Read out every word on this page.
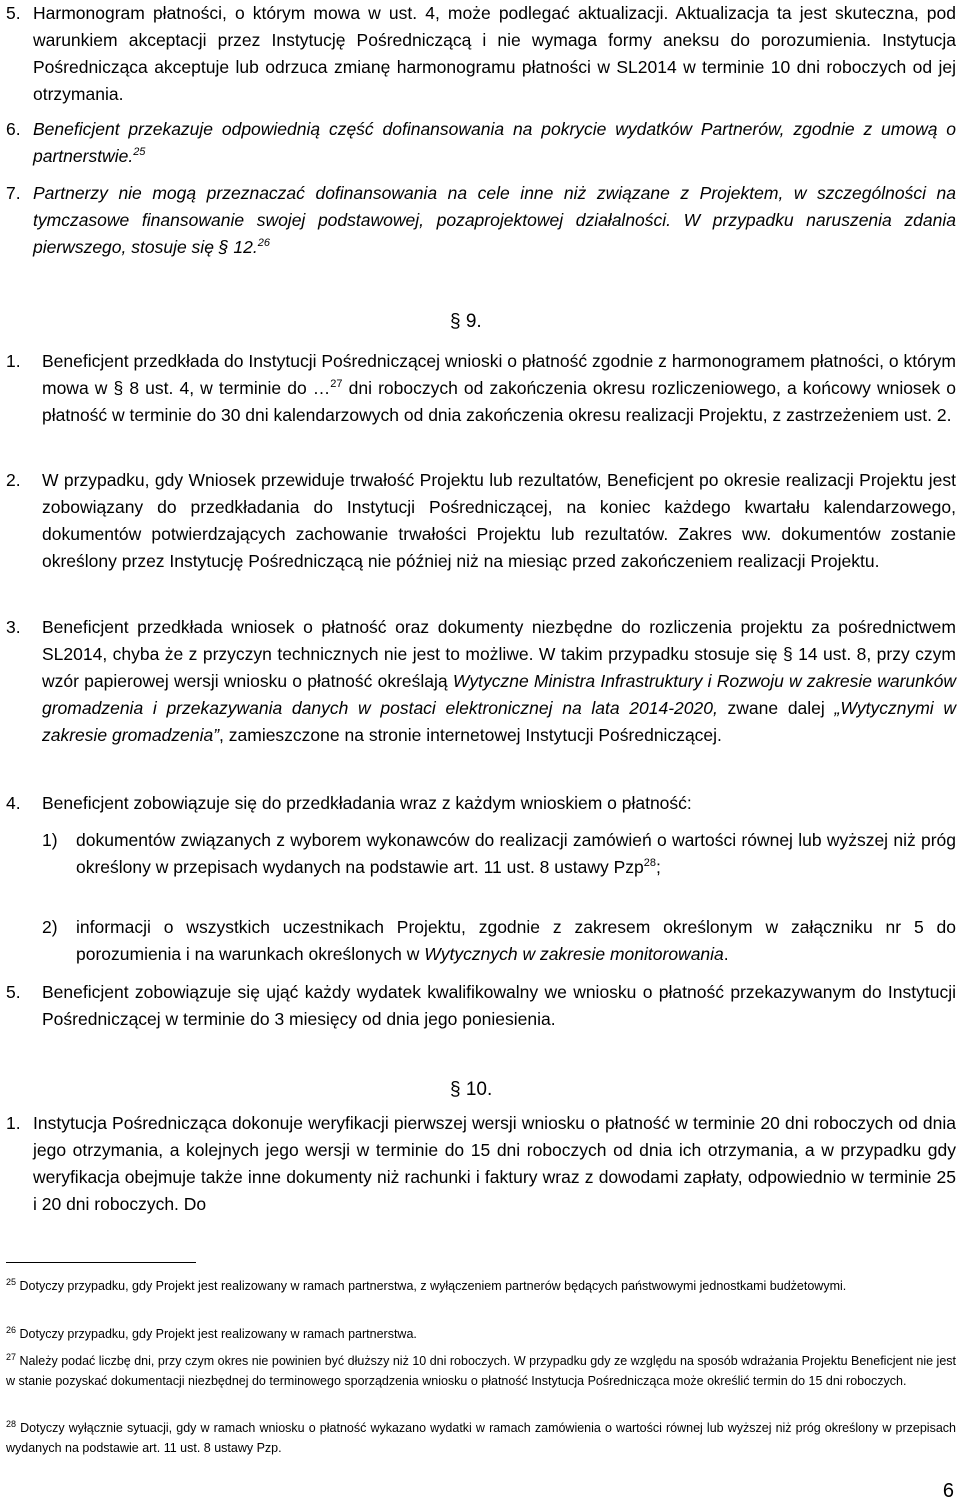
5. Harmonogram płatności, o którym mowa w ust. 4, może podlegać aktualizacji. Aktualizacja ta jest skuteczna, pod warunkiem akceptacji przez Instytucję Pośredniczącą i nie wymaga formy aneksu do porozumienia. Instytucja Pośrednicząca akceptuje lub odrzuca zmianę harmonogramu płatności w SL2014 w terminie 10 dni roboczych od jej otrzymania.
6. Beneficjent przekazuje odpowiednią część dofinansowania na pokrycie wydatków Partnerów, zgodnie z umową o partnerstwie.$^{25}$
7. Partnerzy nie mogą przeznaczać dofinansowania na cele inne niż związane z Projektem, w szczególności na tymczasowe finansowanie swojej podstawowej, pozaprojektowej działalności. W przypadku naruszenia zdania pierwszego, stosuje się § 12.26
§ 9.
1. Beneficjent przedkłada do Instytucji Pośredniczącej wnioski o płatność zgodnie z harmonogramem płatności, o którym mowa w § 8 ust. 4, w terminie do …$^{27}$ dni roboczych od zakończenia okresu rozliczeniowego, a końcowy wniosek o płatność w terminie do 30 dni kalendarzowych od dnia zakończenia okresu realizacji Projektu, z zastrzeżeniem ust. 2.
2. W przypadku, gdy Wniosek przewiduje trwałość Projektu lub rezultatów, Beneficjent po okresie realizacji Projektu jest zobowiązany do przedkładania do Instytucji Pośredniczącej, na koniec każdego kwartału kalendarzowego, dokumentów potwierdzających zachowanie trwałości Projektu lub rezultatów. Zakres ww. dokumentów zostanie określony przez Instytucję Pośredniczącą nie później niż na miesiąc przed zakończeniem realizacji Projektu.
3. Beneficjent przedkłada wniosek o płatność oraz dokumenty niezbędne do rozliczenia projektu za pośrednictwem SL2014, chyba że z przyczyn technicznych nie jest to możliwe. W takim przypadku stosuje się § 14 ust. 8, przy czym wzór papierowej wersji wniosku o płatność określają Wytyczne Ministra Infrastruktury i Rozwoju w zakresie warunków gromadzenia i przekazywania danych w postaci elektronicznej na lata 2014-2020, zwane dalej „Wytycznymi w zakresie gromadzenia”, zamieszczone na stronie internetowej Instytucji Pośredniczącej.
4. Beneficjent zobowiązuje się do przedkładania wraz z każdym wnioskiem o płatność:
1) dokumentów związanych z wyborem wykonawców do realizacji zamówień o wartości równej lub wyższej niż próg określony w przepisach wydanych na podstawie art. 11 ust. 8 ustawy Pzp$^{28}$;
2) informacji o wszystkich uczestnikach Projektu, zgodnie z zakresem określonym w załączniku nr 5 do porozumienia i na warunkach określonych w Wytycznych w zakresie monitorowania.
5. Beneficjent zobowiązuje się ująć każdy wydatek kwalifikowalny we wniosku o płatność przekazywanym do Instytucji Pośredniczącej w terminie do 3 miesięcy od dnia jego poniesienia.
§ 10.
1. Instytucja Pośrednicząca dokonuje weryfikacji pierwszej wersji wniosku o płatność w terminie 20 dni roboczych od dnia jego otrzymania, a kolejnych jego wersji w terminie do 15 dni roboczych od dnia ich otrzymania, a w przypadku gdy weryfikacja obejmuje także inne dokumenty niż rachunki i faktury wraz z dowodami zapłaty, odpowiednio w terminie 25 i 20 dni roboczych. Do
$^{25}$ Dotyczy przypadku, gdy Projekt jest realizowany w ramach partnerstwa, z wyłączeniem partnerów będących państwowymi jednostkami budżetowymi.
$^{26}$ Dotyczy przypadku, gdy Projekt jest realizowany w ramach partnerstwa.
$^{27}$ Należy podać liczbę dni, przy czym okres nie powinien być dłuższy niż 10 dni roboczych. W przypadku gdy ze względu na sposób wdrażania Projektu Beneficjent nie jest w stanie pozyskać dokumentacji niezbędnej do terminowego sporządzenia wniosku o płatność Instytucja Pośrednicząca może określić termin do 15 dni roboczych.
$^{28}$ Dotyczy wyłącznie sytuacji, gdy w ramach wniosku o płatność wykazano wydatki w ramach zamówienia o wartości równej lub wyższej niż próg określony w przepisach wydanych na podstawie art. 11 ust. 8 ustawy Pzp.
6
